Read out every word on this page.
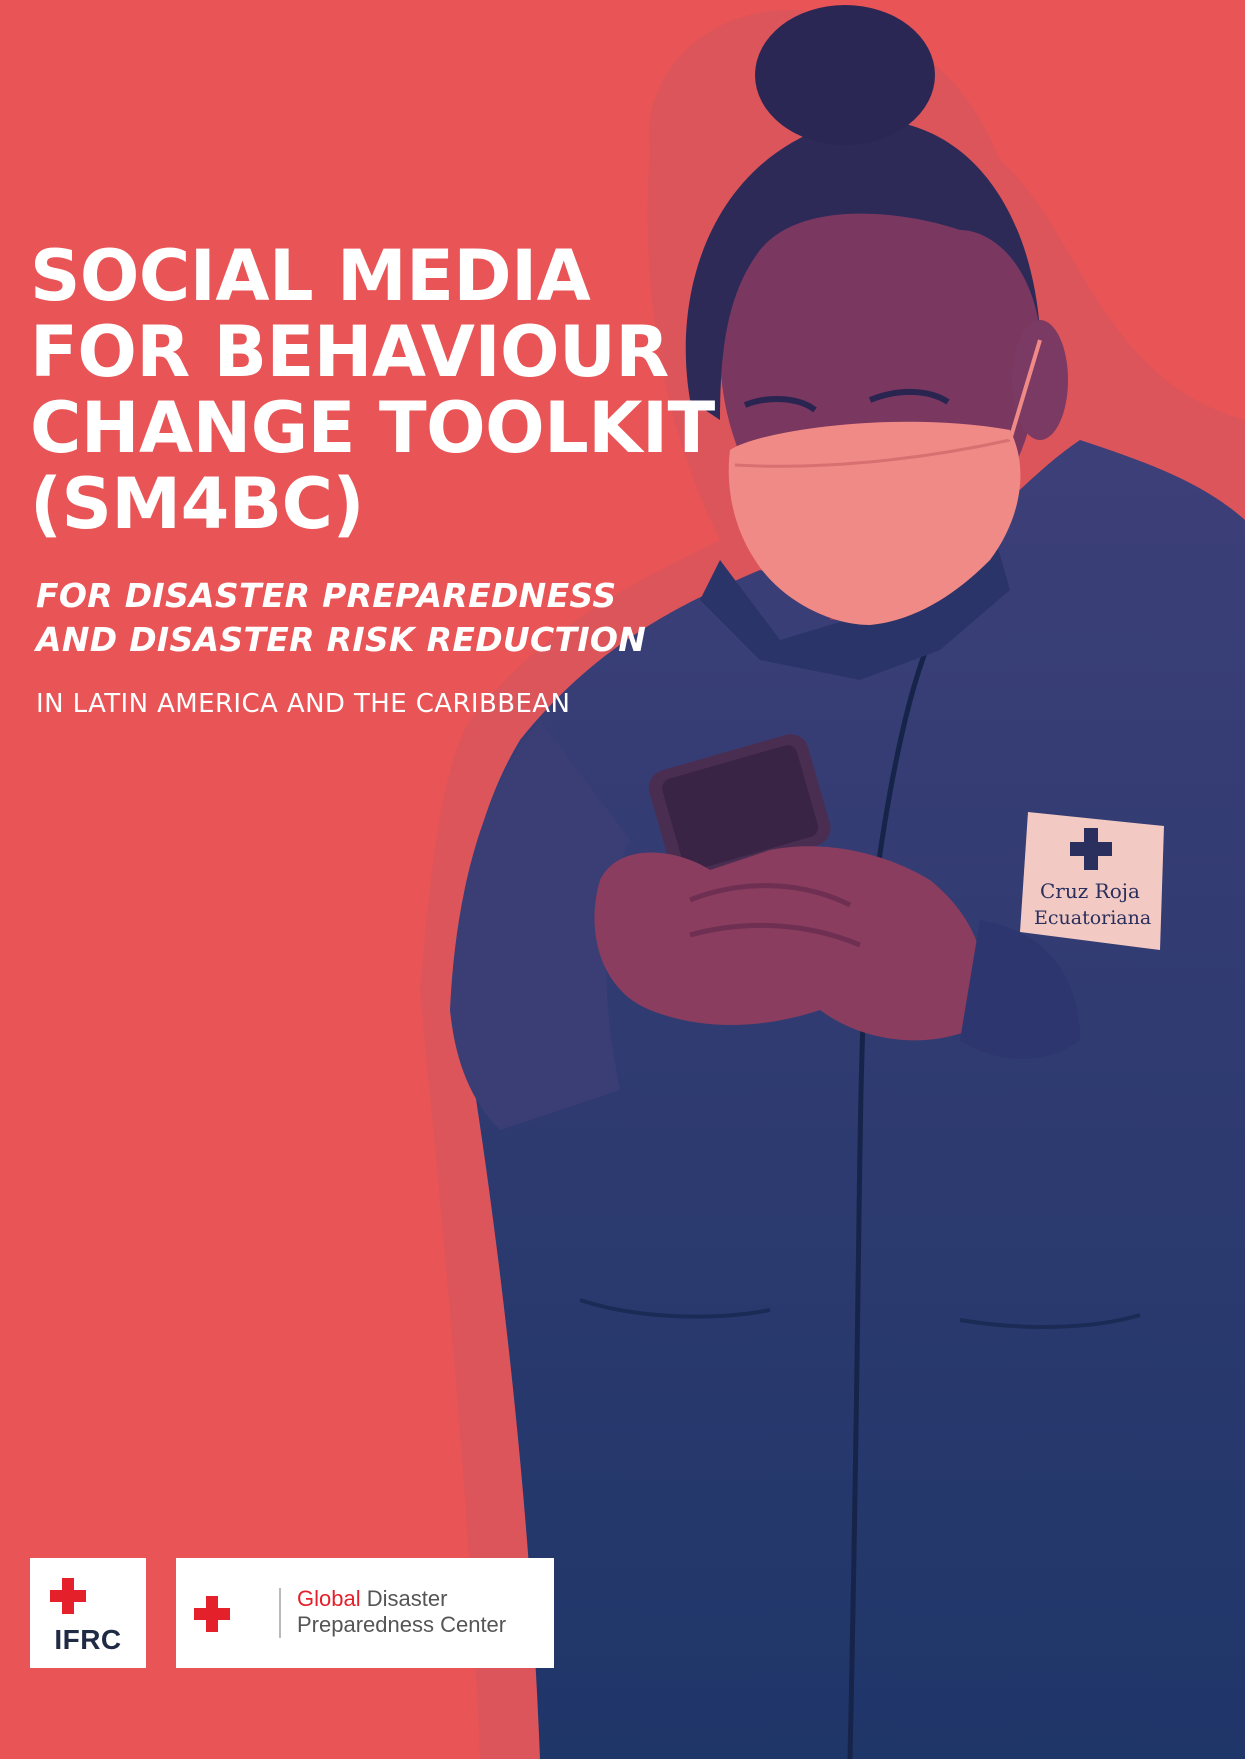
Cruz Roja
Ecuatoriana
SOCIAL MEDIA
FOR BEHAVIOUR
CHANGE TOOLKIT
(SM4BC)
FOR DISASTER PREPAREDNESS
AND DISASTER RISK REDUCTION
IN LATIN AMERICA AND THE CARIBBEAN
IFRC
Global Disaster
Preparedness Center
